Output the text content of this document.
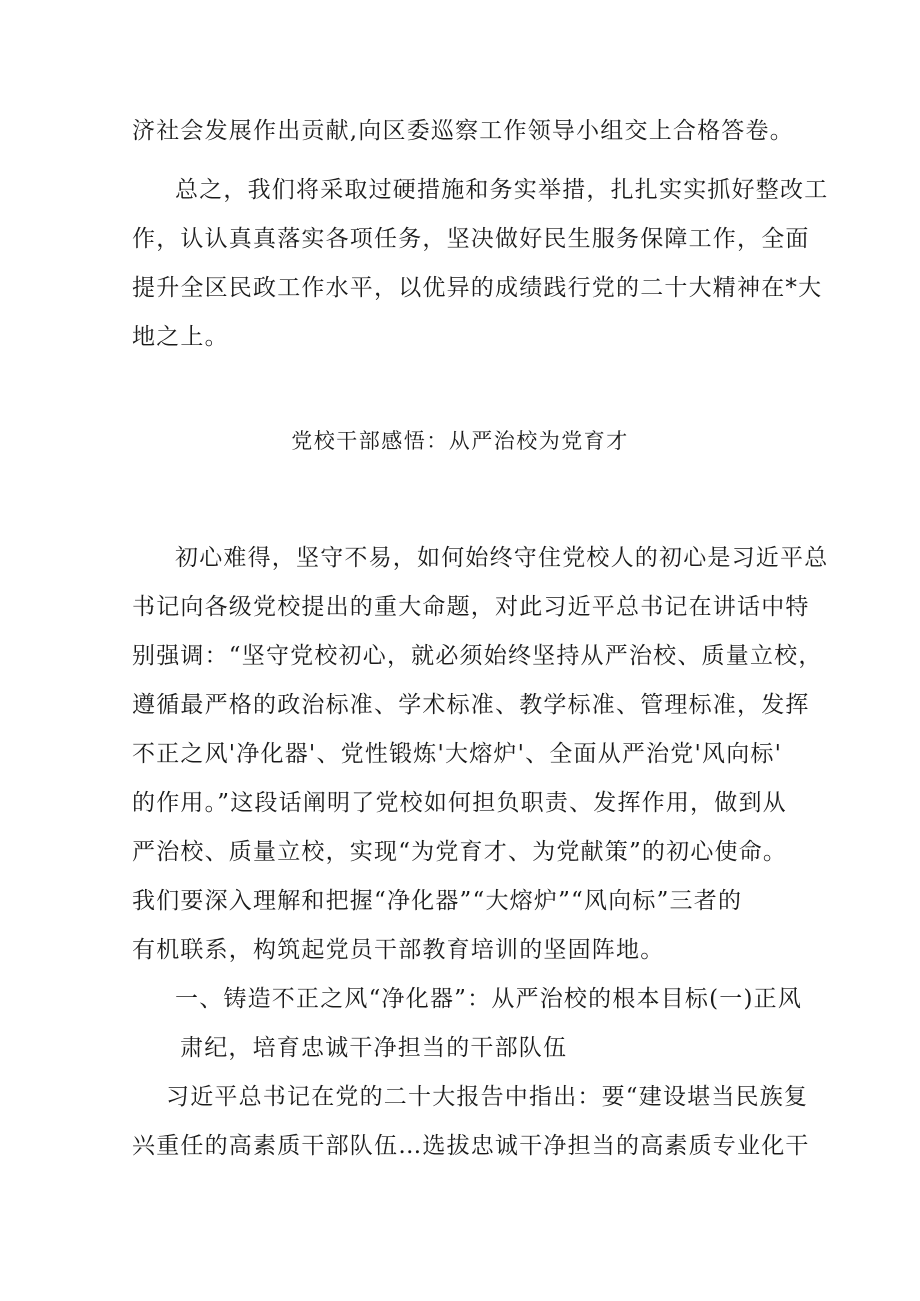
济社会发展作出贡献,向区委巡察工作领导小组交上合格答卷。
总之，我们将采取过硬措施和务实举措，扎扎实实抓好整改工
作，认认真真落实各项任务，坚决做好民生服务保障工作，全面
提升全区民政工作水平，以优异的成绩践行党的二十大精神在*大
地之上。
党校干部感悟：从严治校为党育才
初心难得，坚守不易，如何始终守住党校人的初心是习近平总
书记向各级党校提出的重大命题，对此习近平总书记在讲话中特
别强调：“坚守党校初心，就必须始终坚持从严治校、质量立校，
遵循最严格的政治标准、学术标准、教学标准、管理标准，发挥
不正之风'净化器'、党性锻炼'大熔炉'、全面从严治党'风向标'
的作用。”这段话阐明了党校如何担负职责、发挥作用，做到从
严治校、质量立校，实现“为党育才、为党献策”的初心使命。
我们要深入理解和把握“净化器”“大熔炉”“风向标”三者的
有机联系，构筑起党员干部教育培训的坚固阵地。
一、铸造不正之风“净化器”：从严治校的根本目标(一)正风
肃纪，培育忠诚干净担当的干部队伍
习近平总书记在党的二十大报告中指出：要“建设堪当民族复
兴重任的高素质干部队伍…选拔忠诚干净担当的高素质专业化干
